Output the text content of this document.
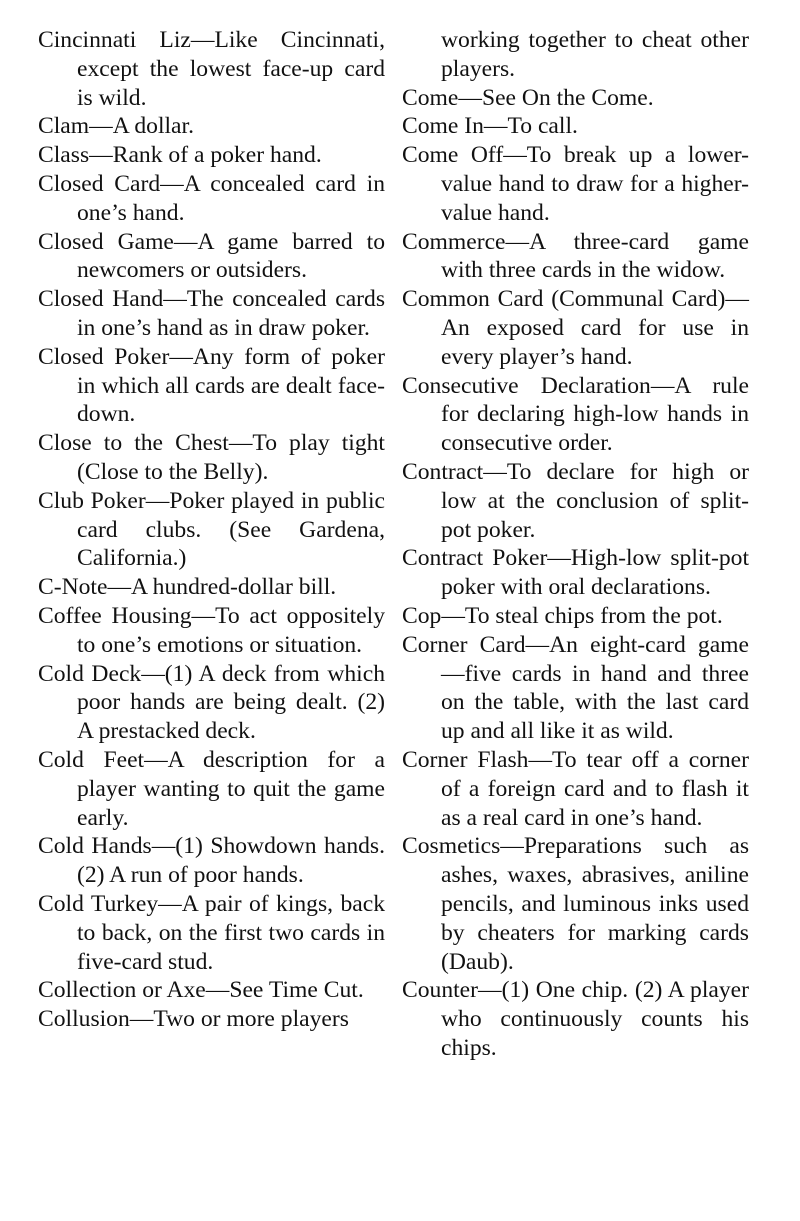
Cincinnati Liz—Like Cincinnati, except the lowest face-up card is wild.

Clam—A dollar.

Class—Rank of a poker hand.

Closed Card—A concealed card in one’s hand.

Closed Game—A game barred to newcomers or outsiders.

Closed Hand—The concealed cards in one’s hand as in draw poker.

Closed Poker—Any form of poker in which all cards are dealt face-down.

Close to the Chest—To play tight (Close to the Belly).

Club Poker—Poker played in public card clubs. (See Gardena, California.)

C-Note—A hundred-dollar bill.

Coffee Housing—To act oppositely to one’s emotions or situation.

Cold Deck—(1) A deck from which poor hands are being dealt. (2) A prestacked deck.

Cold Feet—A description for a player wanting to quit the game early.

Cold Hands—(1) Showdown hands. (2) A run of poor hands.

Cold Turkey—A pair of kings, back to back, on the first two cards in five-card stud.

Collection or Axe—See Time Cut.

Collusion—Two or more players

working together to cheat other players.

Come—See On the Come.

Come In—To call.

Come Off—To break up a lower-value hand to draw for a higher-value hand.

Commerce—A three-card game with three cards in the widow.

Common Card (Communal Card)—An exposed card for use in every player’s hand.

Consecutive Declaration—A rule for declaring high-low hands in consecutive order.

Contract—To declare for high or low at the conclusion of split-pot poker.

Contract Poker—High-low split-pot poker with oral declarations.

Cop—To steal chips from the pot.

Corner Card—An eight-card game—five cards in hand and three on the table, with the last card up and all like it as wild.

Corner Flash—To tear off a corner of a foreign card and to flash it as a real card in one’s hand.

Cosmetics—Preparations such as ashes, waxes, abrasives, aniline pencils, and luminous inks used by cheaters for marking cards (Daub).

Counter—(1) One chip. (2) A player who continuously counts his chips.
